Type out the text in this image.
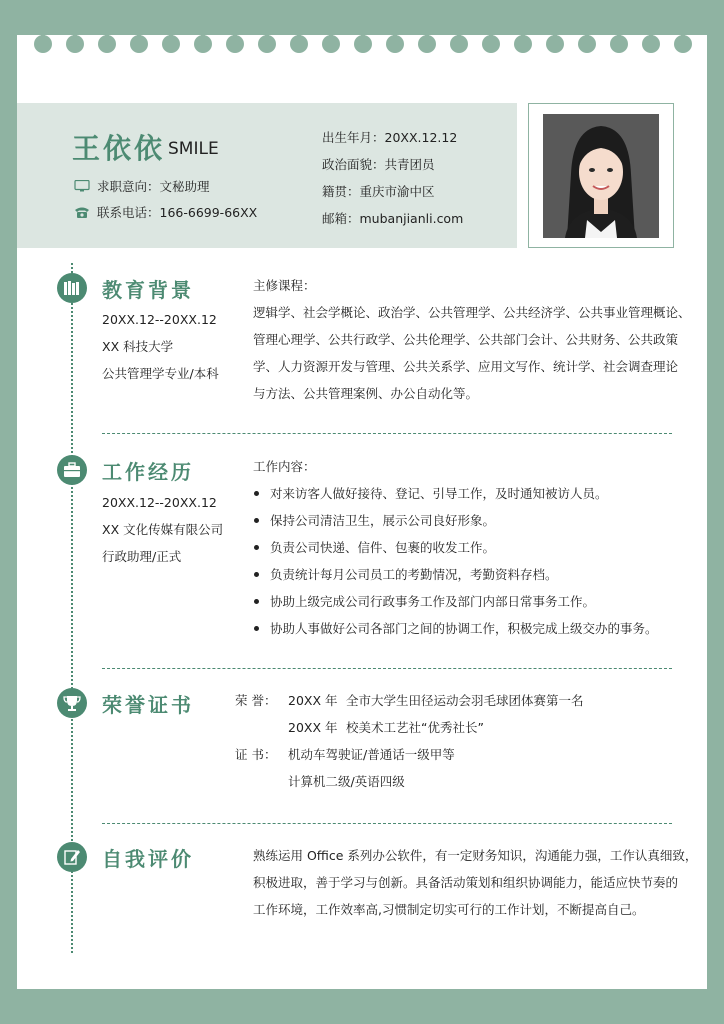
王依依 SMILE
求职意向：文秘助理
联系电话：166-6699-66XX
出生年月：20XX.12.12
政治面貌：共青团员
籍贯：重庆市渝中区
邮箱：mubanjianli.com
教育背景
20XX.12--20XX.12
XX 科技大学
公共管理学专业/本科
主修课程：
逻辑学、社会学概论、政治学、公共管理学、公共经济学、公共事业管理概论、
管理心理学、公共行政学、公共伦理学、公共部门会计、公共财务、公共政策
学、人力资源开发与管理、公共关系学、应用文写作、统计学、社会调查理论
与方法、公共管理案例、办公自动化等。
工作经历
20XX.12--20XX.12
XX 文化传媒有限公司
行政助理/正式
工作内容：
对来访客人做好接待、登记、引导工作，及时通知被访人员。
保持公司清洁卫生，展示公司良好形象。
负责公司快递、信件、包裹的收发工作。
负责统计每月公司员工的考勤情况，考勤资料存档。
协助上级完成公司行政事务工作及部门内部日常事务工作。
协助人事做好公司各部门之间的协调工作，积极完成上级交办的事务。
荣誉证书	荣 誉： 20XX 年 全市大学生田径运动会羽毛球团体赛第一名
20XX 年 校美术工艺社“优秀社长”
证 书： 机动车驾驶证/普通话一级甲等
计算机二级/英语四级
自我评价	熟练运用 Office 系列办公软件，有一定财务知识，沟通能力强，工作认真细致，
积极进取，善于学习与创新。具备活动策划和组织协调能力，能适应快节奏的
工作环境，工作效率高,习惯制定切实可行的工作计划，不断提高自己。
